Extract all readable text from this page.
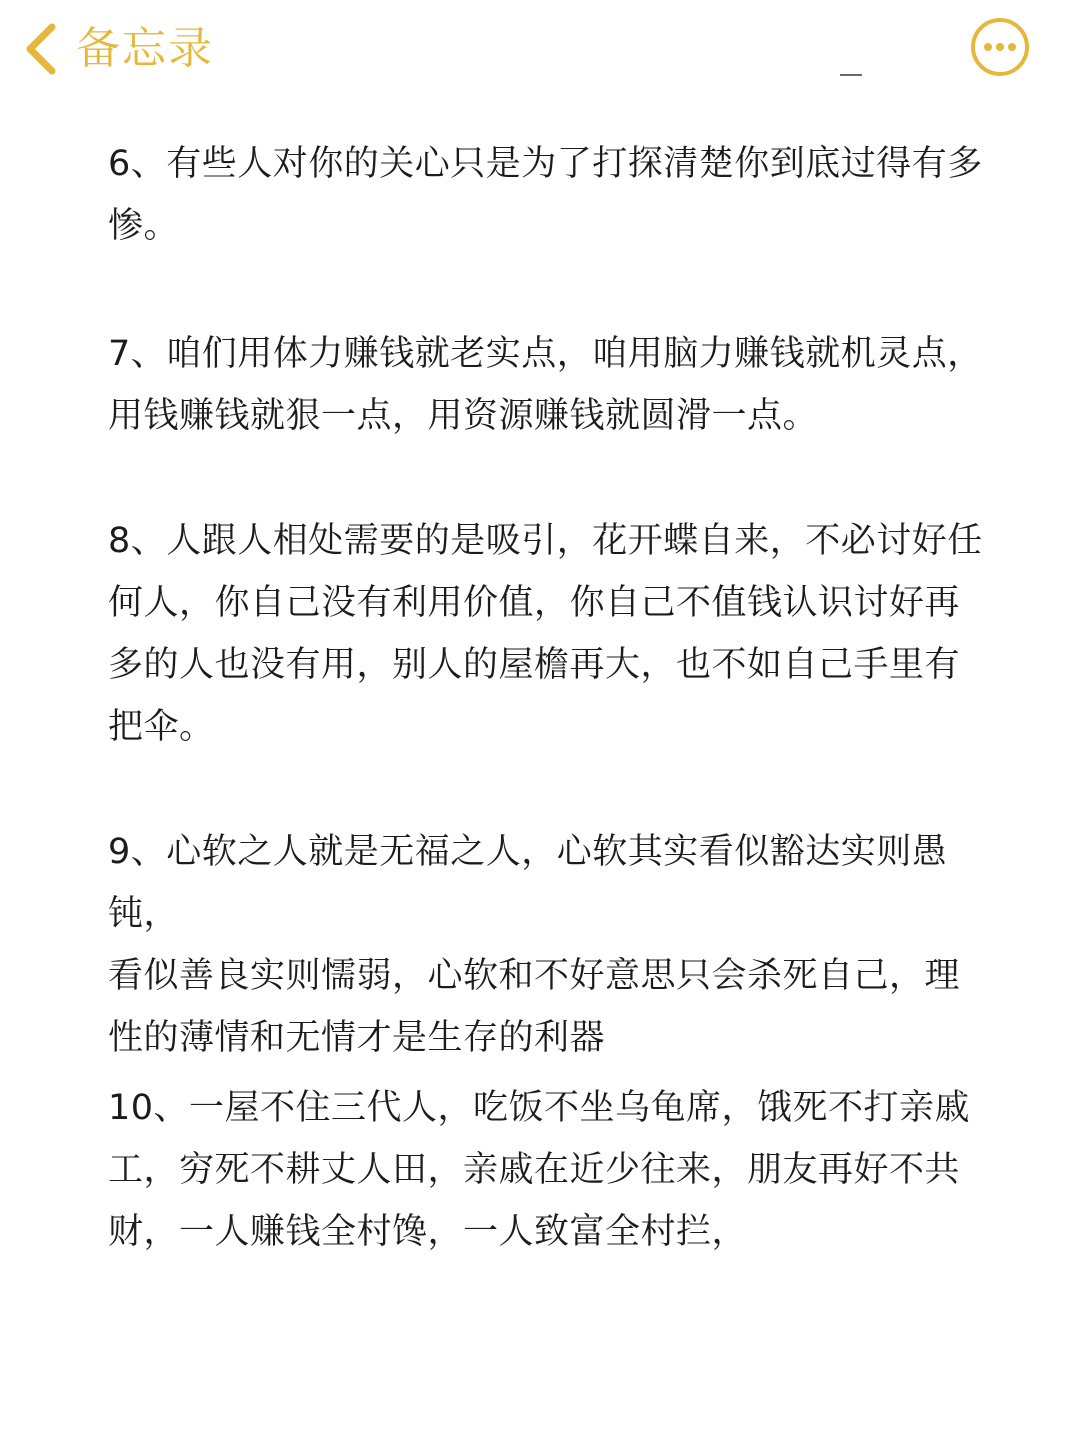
备忘录

6、有些人对你的关心只是为了打探清楚你到底过得有多
惨。

7、咱们用体力赚钱就老实点，咱用脑力赚钱就机灵点，
用钱赚钱就狠一点，用资源赚钱就圆滑一点。

8、人跟人相处需要的是吸引，花开蝶自来，不必讨好任
何人，你自己没有利用价值，你自己不值钱认识讨好再
多的人也没有用，别人的屋檐再大，也不如自己手里有
把伞。

9、心软之人就是无福之人，心软其实看似豁达实则愚钝，
看似善良实则懦弱，心软和不好意思只会杀死自己，理
性的薄情和无情才是生存的利器

10、一屋不住三代人，吃饭不坐乌龟席，饿死不打亲戚
工，穷死不耕丈人田，亲戚在近少往来，朋友再好不共
财，一人赚钱全村馋，一人致富全村拦，
